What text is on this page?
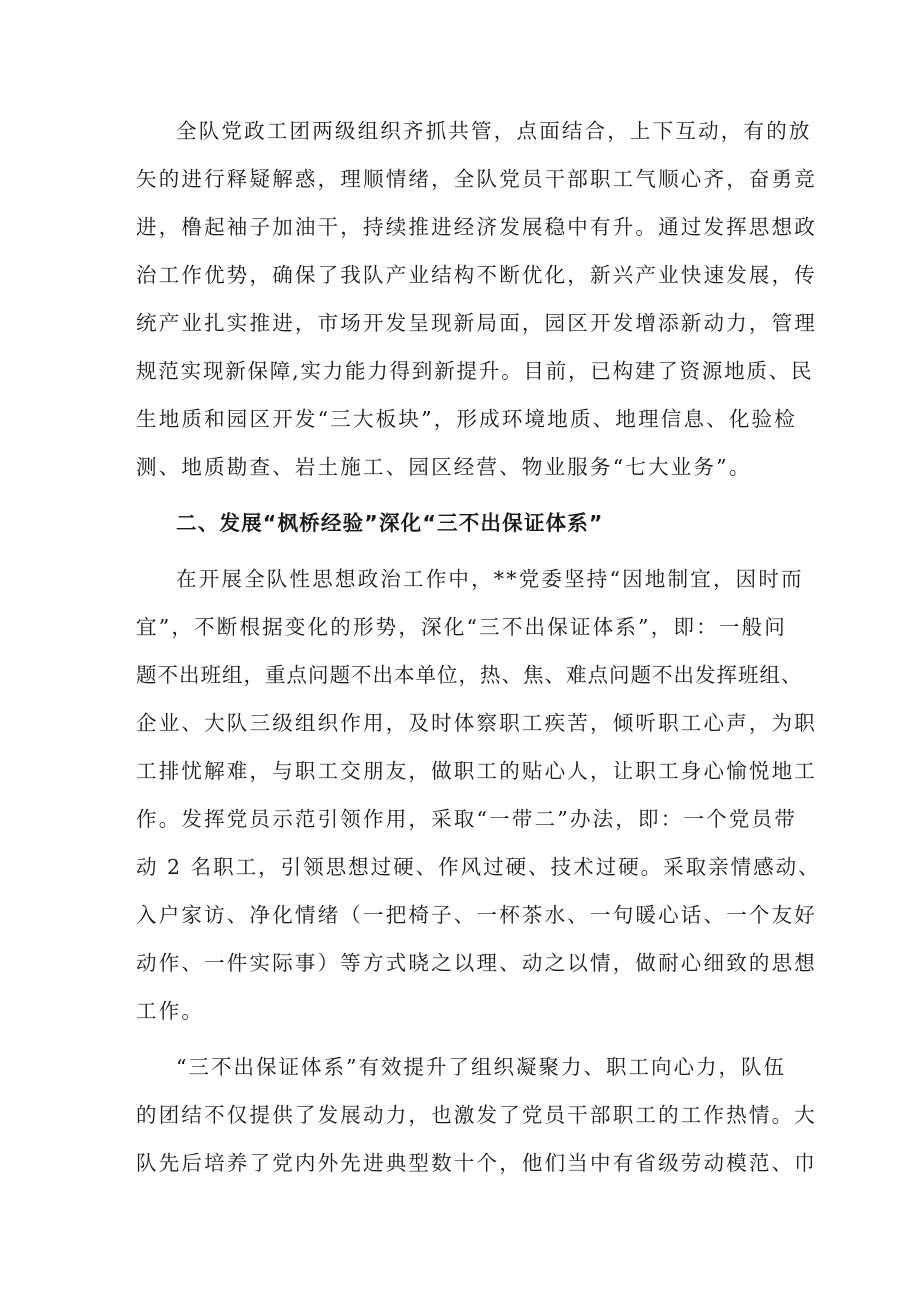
全队党政工团两级组织齐抓共管，点面结合，上下互动，有的放
矢的进行释疑解惑，理顺情绪，全队党员干部职工气顺心齐，奋勇竞
进，橹起袖子加油干，持续推进经济发展稳中有升。通过发挥思想政
治工作优势，确保了我队产业结构不断优化，新兴产业快速发展，传
统产业扎实推进，市场开发呈现新局面，园区开发增添新动力，管理
规范实现新保障,实力能力得到新提升。目前，已构建了资源地质、民
生地质和园区开发“三大板块”，形成环境地质、地理信息、化验检
测、地质勘查、岩土施工、园区经营、物业服务“七大业务”。
二、发展“枫桥经验”深化“三不出保证体系”
在开展全队性思想政治工作中，**党委坚持“因地制宜，因时而
宜”，不断根据变化的形势，深化“三不出保证体系”，即：一般问
题不出班组，重点问题不出本单位，热、焦、难点问题不出发挥班组、
企业、大队三级组织作用，及时体察职工疾苦，倾听职工心声，为职
工排忧解难，与职工交朋友，做职工的贴心人，让职工身心愉悦地工
作。发挥党员示范引领作用，采取“一带二”办法，即：一个党员带
动 2 名职工，引领思想过硬、作风过硬、技术过硬。采取亲情感动、
入户家访、净化情绪（一把椅子、一杯茶水、一句暖心话、一个友好
动作、一件实际事）等方式晓之以理、动之以情，做耐心细致的思想
工作。
“三不出保证体系”有效提升了组织凝聚力、职工向心力，队伍
的团结不仅提供了发展动力，也激发了党员干部职工的工作热情。大
队先后培养了党内外先进典型数十个，他们当中有省级劳动模范、巾
